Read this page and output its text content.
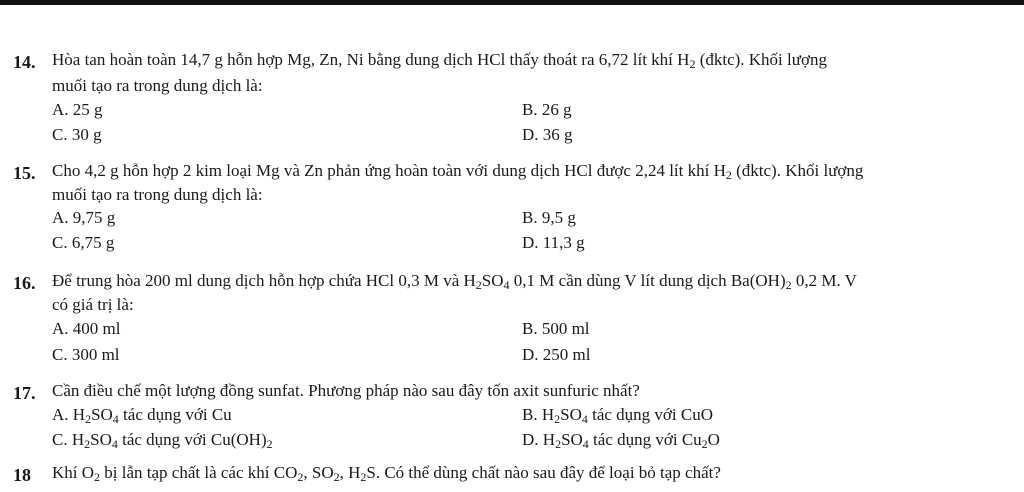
14. Hòa tan hoàn toàn 14,7 g hỗn hợp Mg, Zn, Ni bằng dung dịch HCl thấy thoát ra 6,72 lít khí $H_2$ (đktc). Khối lượng
muối tạo ra trong dung dịch là:
A. 25 g	B. 26 g
C. 30 g	D. 36 g
15. Cho 4,2 g hỗn hợp 2 kim loại Mg và Zn phản ứng hoàn toàn với dung dịch HCl được 2,24 lít khí $H_2$ (đktc). Khối lượng
muối tạo ra trong dung dịch là:
A. 9,75 g	B. 9,5 g
C. 6,75 g	D. 11,3 g
16. Để trung hòa 200 ml dung dịch hỗn hợp chứa HCl 0,3 M và $H_2SO_4$ 0,1 M cần dùng V lít dung dịch $Ba(OH)_2$ 0,2 M. V
có giá trị là:
A. 400 ml	B. 500 ml
C. 300 ml	D. 250 ml
17. Cần điều chế một lượng đồng sunfat. Phương pháp nào sau đây tốn axit sunfuric nhất?
A. $H_2SO_4$ tác dụng với Cu	B. $H_2SO_4$ tác dụng với CuO
C. $H_2SO_4$ tác dụng với $Cu(OH)_2$	D. $H_2SO_4$ tác dụng với $Cu_2O$
18 Khí $O_2$ bị lẫn tạp chất là các khí $CO_2$, $SO_2$, $H_2S$. Có thể dùng chất nào sau đây để loại bỏ tạp chất?
